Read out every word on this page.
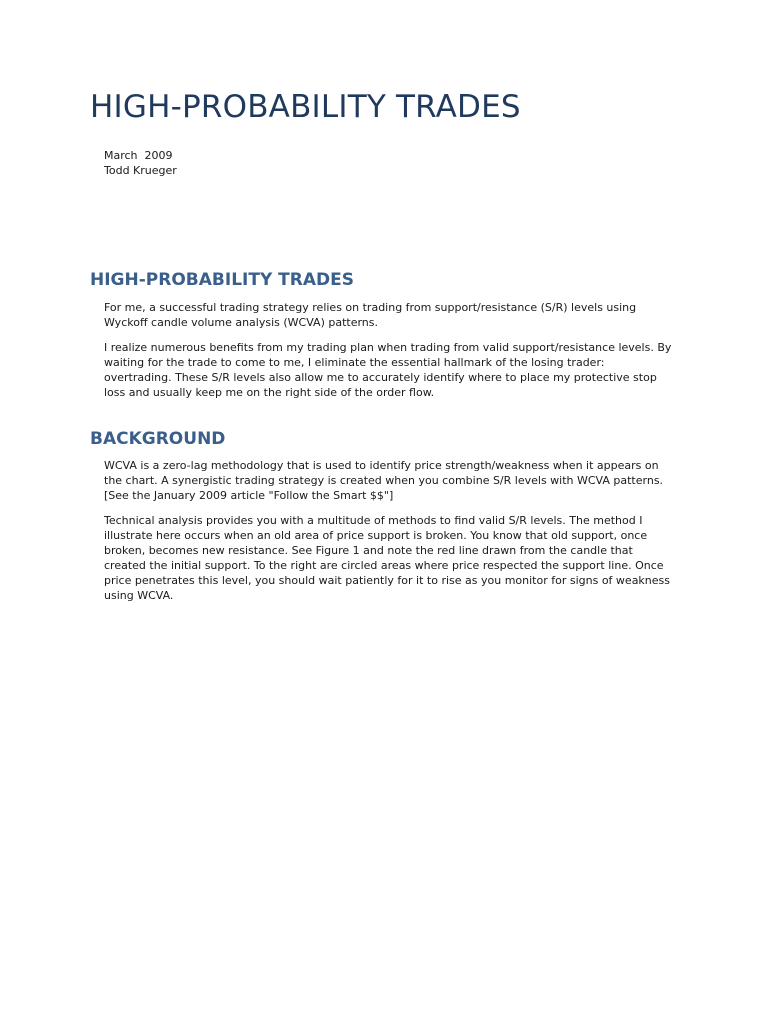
HIGH-PROBABILITY TRADES
March  2009
Todd Krueger
HIGH-PROBABILITY TRADES

For me, a successful trading strategy relies on trading from support/resistance (S/R) levels using
Wyckoff candle volume analysis (WCVA) patterns.

I realize numerous benefits from my trading plan when trading from valid support/resistance levels. By
waiting for the trade to come to me, I eliminate the essential hallmark of the losing trader:
overtrading. These S/R levels also allow me to accurately identify where to place my protective stop
loss and usually keep me on the right side of the order flow.

BACKGROUND

WCVA is a zero-lag methodology that is used to identify price strength/weakness when it appears on
the chart. A synergistic trading strategy is created when you combine S/R levels with WCVA patterns.
[See the January 2009 article "Follow the Smart $$"]

Technical analysis provides you with a multitude of methods to find valid S/R levels. The method I
illustrate here occurs when an old area of price support is broken. You know that old support, once
broken, becomes new resistance. See Figure 1 and note the red line drawn from the candle that
created the initial support. To the right are circled areas where price respected the support line. Once
price penetrates this level, you should wait patiently for it to rise as you monitor for signs of weakness
using WCVA.
